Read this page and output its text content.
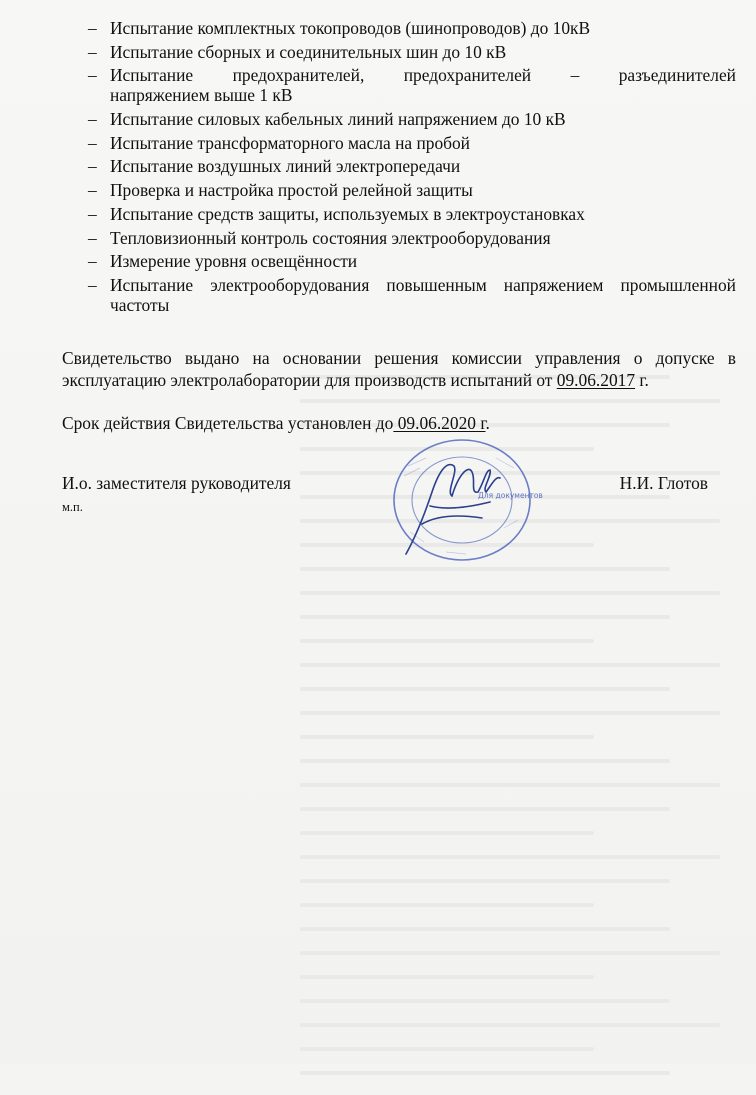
– Испытание комплектных токопроводов (шинопроводов) до 10кВ
– Испытание сборных и соединительных шин до 10 кВ
– Испытание предохранителей, предохранителей – разъединителей
напряжением выше 1 кВ
– Испытание силовых кабельных линий напряжением до 10 кВ
– Испытание трансформаторного масла на пробой
– Испытание воздушных линий электропередачи
– Проверка и настройка простой релейной защиты
– Испытание средств защиты, используемых в электроустановках
– Тепловизионный контроль состояния электрооборудования
– Измерение уровня освещённости
– Испытание электрооборудования повышенным напряжением промышленной
частоты
Свидетельство выдано на основании решения комиссии управления о допуске в эксплуатацию электролаборатории для производств испытаний от 09.06.2017 г.
Срок действия Свидетельства установлен до 09.06.2020 г.
И.о. заместителя руководителя	Н.И. Глотов
м.п.
Для документов
